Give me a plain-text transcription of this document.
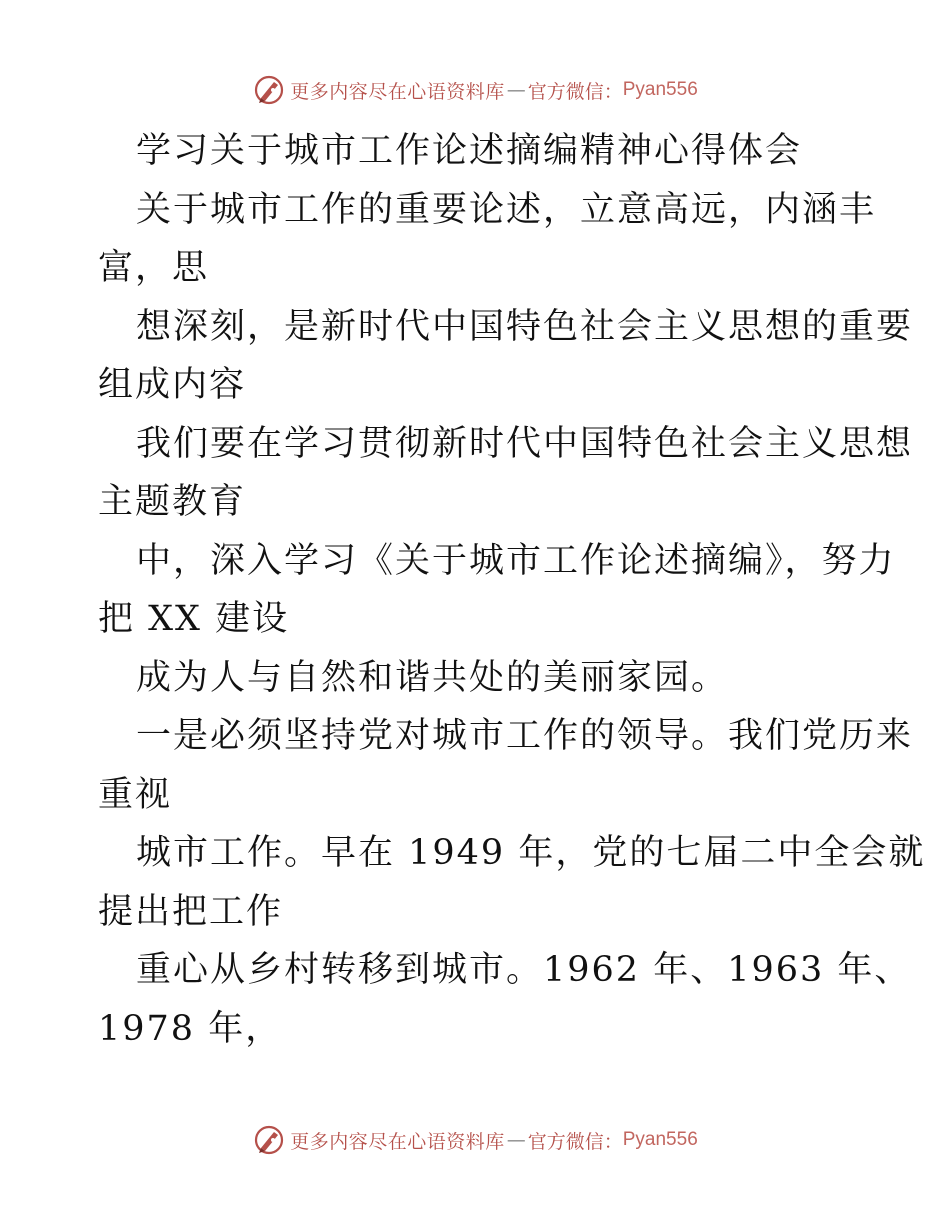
更多内容尽在心语资料库 — 官方微信： Pyan556
学习关于城市工作论述摘编精神心得体会
关于城市工作的重要论述，立意高远，内涵丰
富，思
想深刻，是新时代中国特色社会主义思想的重要
组成内容
我们要在学习贯彻新时代中国特色社会主义思想
主题教育
中，深入学习《关于城市工作论述摘编》，努力
把 XX 建设
成为人与自然和谐共处的美丽家园。
一是必须坚持党对城市工作的领导。我们党历来
重视
城市工作。早在 1949 年，党的七届二中全会就
提出把工作
重心从乡村转移到城市。1962 年、1963 年、
1978 年，
更多内容尽在心语资料库 — 官方微信： Pyan556
